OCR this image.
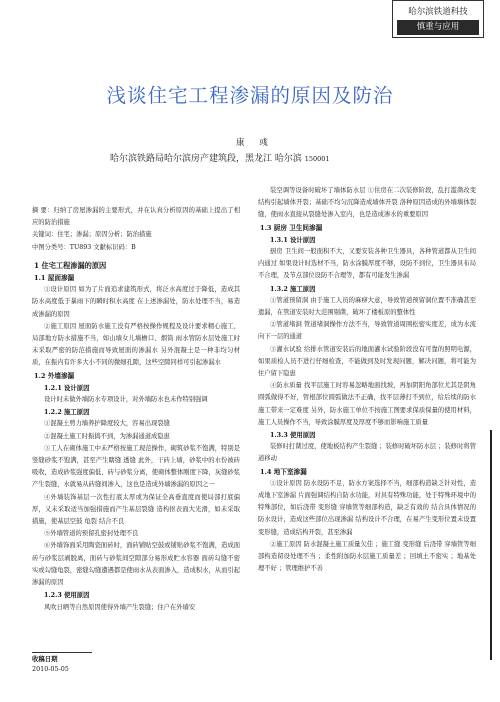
哈尔滨铁道科技
慎重与应用
浅谈住宅工程渗漏的原因及防治
康 彧
哈尔滨铁路局哈尔滨房产建筑段，黑龙江 哈尔滨 150001
摘 要：归纳了房屋渗漏的主要形式，并在认真分析原因的基础上提出了相应的防治措施
关键词：住宅；渗漏；原因分析；防治措施
中图分类号：TU893 文献标识码：B
1 住宅工程渗漏的原因
1.1 屋面渗漏
①设计原因 如为了片面追求建筑形式，将泛水高度过于降低，造成其防水高度低于暴雨下的瞬时积水高度 在上述渗漏处，防水处理不当，易造成渗漏的原因
②施工原因 屋面防水施工没有严格按操作规程及设计要求精心施工，局部地方防水措施不当，如山墙女儿墙檐口、烟筒 雨水管防水层处施工时未采取严密的防范措施而导致屋面的渗漏水 另外混凝土是一种非均匀材质，在振内有许多大小不同的微细孔隙，这些空隙同样可引起渗漏水
1.2 外墙渗漏
1.2.1 设计原因
设计时未做外墙防水专项设计，对外墙防水也未作特别强调
1.2.2 施工原因
①混凝土剪力墙养护降度较大，容易出现裂缝
②混凝土施工时振捣不到，为渗漏通道成隐患
③工人在砌体施工中未严格按施工现范操作，砌筑砂浆不饱满，特别是竖缝砂浆不饱满，甚至产生瞎缝 透缝 此外，干砖上墙，砂浆中的水份被砖吸收，造成砂浆强度偏低，砖与砂浆分离，使砌体整体刚度下降，灰缝砂浆产生裂缝，水就易从砖缝间渗入，这也是造成外墙渗漏的原因之一
④外墙装饰基层一次性打底太厚或为保证全高垂直度而使局部打底偏厚，又未采取适当加强措施而产生基层裂缝 造构抠表面大光滑，如未采取措施，使基层空鼓 龟裂 结合不良
⑤外墙管道的预留孔密封处理不良
⑥外墙饰面采用陶瓷面砖时，面砖铺贴空鼓或铺贴砂浆不饱满，造成面砖与砂浆层剥脱离，面砖与砂浆间空隙部分易形成贮水容器 面砖勾缝不密实或勾缝龟裂，密缝勾缝遭遇都是使雨水从表面渗入，造成积水，从而引起渗漏的原因
1.2.3 使用原因
风吹日晒等自然原因使得外墙产生裂缝；住户在外墙安
装空调等设备时破坏了墙体防水层 ①住房在二次装修阶段，乱打滥凿改变结构引起墙体开裂；基础不均匀沉降造成墙体开裂 洛种原因造成的外墙墙体裂缝，使雨水直接从裂缝处渗入室内，也是造成渗水的重要原因
1.3 厨房 卫生间渗漏
1.3.1 设计原因
厨房 卫生间一般面积不大，又要安装各种卫生器具，各种管道都从卫生间内通过 如果设计时选材不当，防水涂膜厚度不够，设防不到位，卫生器具布局不合理，及节点部位设防不合理等，都有可能发生渗漏
1.3.2 施工原因
①管道预留洞 由于施工人员的麻痹大意，导致管道预留洞位置不准确甚至遗漏，在管道安装时大范围剔凿，破坏了楼板原的整体性
②管道堵洞 管道堵洞操作方法不当，导致管道周围松密实度差，成为水流向下一层的通道
③灌水试验 给排水管道安装后的地面灌水试验阶段没有可靠的照明电源，如果质检人员不进行仔细检查，不能做到及时发现问题，解决问题，将可能为住户留下隐患
④防水质量 找平层施工时容易忽略地面找坡，再加阴阳角部位尤其是阴角圆弧做得不好，管根部位圆弧做法不正确，找平层薄打不到位，给后续的防水施工带来一定难度 另外，防水施工单位不按施工图要求保质保量的使用材料，施工人员操作不当，导致涂膜厚度及厚度不够而影响施工质量
1.3.3 使用原因
装修时打凿过度，使地板结构产生裂缝 ；装修时破坏防水层 ；装修时将管道移动
1.4 地下室渗漏
①设计原因 防水设防不足，防水方案选择不当，细部构造缺乏针对性，造成地下室渗漏 片面强调结构自防水功能，对具有特殊功能，处于特殊环境中的特殊部位，如后浇带 变形缝 穿墙管等细部构造，缺乏有效的 结合具体情况的防水设计，造成这些部位出现渗漏 结构设计不合理，在易产生变形位置未设置变形缝，造成结构开裂，甚至渗漏
②施工原因 防水混凝土施工质量欠佳 ；施工缝 变形缝 后浇带 穿墙管等细部构造留设处理不当 ；柔性附加防水层施工质量差 ；回填土不密实 ；地基处理不好 ；管理维护不善
收稿日期
2010-05-05
